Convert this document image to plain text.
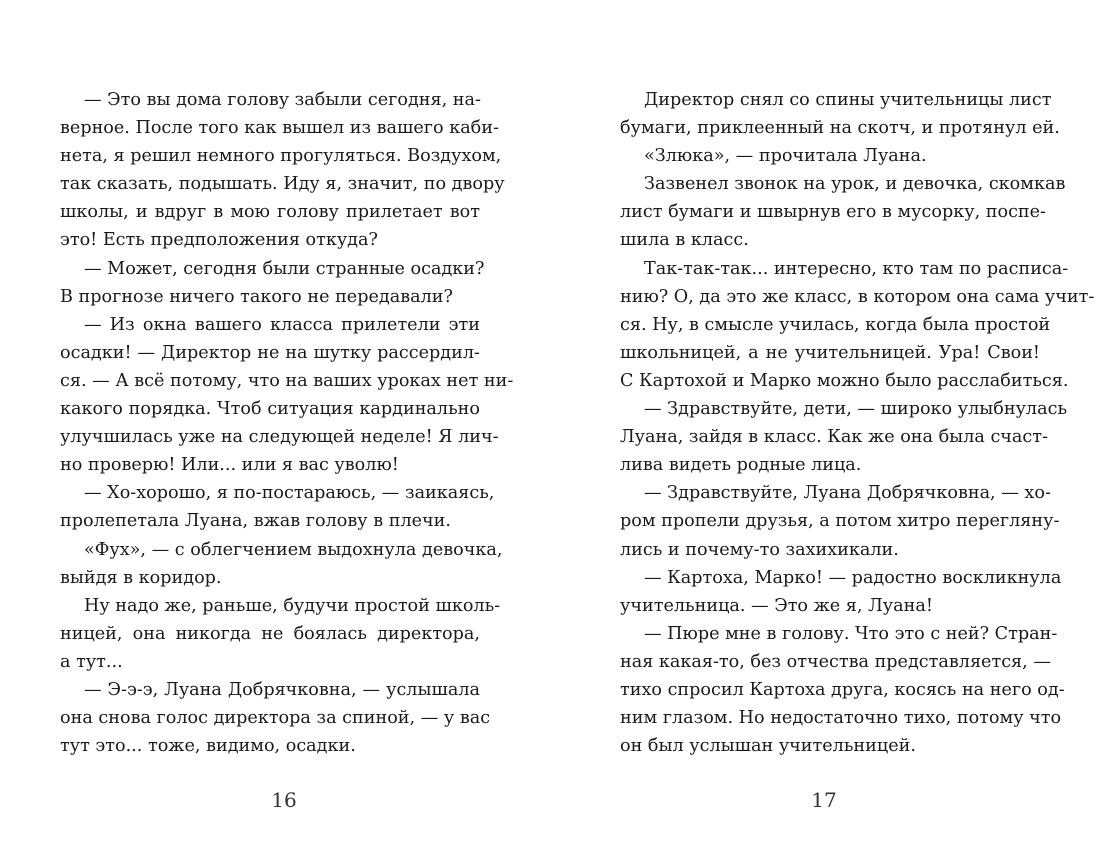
— Это вы дома голову забыли сегодня, на-
верное. После того как вышел из вашего каби-
нета, я решил немного прогуляться. Воздухом,
так сказать, подышать. Иду я, значит, по двору
школы, и вдруг в мою голову прилетает вот
это! Есть предположения откуда?
— Может, сегодня были странные осадки?
В прогнозе ничего такого не передавали?
— Из окна вашего класса прилетели эти
осадки! — Директор не на шутку рассердил-
ся. — А всё потому, что на ваших уроках нет ни-
какого порядка. Чтоб ситуация кардинально
улучшилась уже на следующей неделе! Я лич-
но проверю! Или... или я вас уволю!
— Хо-хорошо, я по-постараюсь, — заикаясь,
пролепетала Луана, вжав голову в плечи.
«Фух», — с облегчением выдохнула девочка,
выйдя в коридор.
Ну надо же, раньше, будучи простой школь-
ницей, она никогда не боялась директора,
а тут...
— Э-э-э, Луана Добрячковна, — услышала
она снова голос директора за спиной, — у вас
тут это... тоже, видимо, осадки.
Директор снял со спины учительницы лист
бумаги, приклеенный на скотч, и протянул ей.
«Злюка», — прочитала Луана.
Зазвенел звонок на урок, и девочка, скомкав
лист бумаги и швырнув его в мусорку, поспе-
шила в класс.
Так-так-так... интересно, кто там по расписа-
нию? О, да это же класс, в котором она сама учит-
ся. Ну, в смысле училась, когда была простой
школьницей, а не учительницей. Ура! Свои!
С Картохой и Марко можно было расслабиться.
— Здравствуйте, дети, — широко улыбнулась
Луана, зайдя в класс. Как же она была счаст-
лива видеть родные лица.
— Здравствуйте, Луана Добрячковна, — хо-
ром пропели друзья, а потом хитро перегляну-
лись и почему-то захихикали.
— Картоха, Марко! — радостно воскликнула
учительница. — Это же я, Луана!
— Пюре мне в голову. Что это с ней? Стран-
ная какая-то, без отчества представляется, —
тихо спросил Картоха друга, косясь на него од-
ним глазом. Но недостаточно тихо, потому что
он был услышан учительницей.
16	17
